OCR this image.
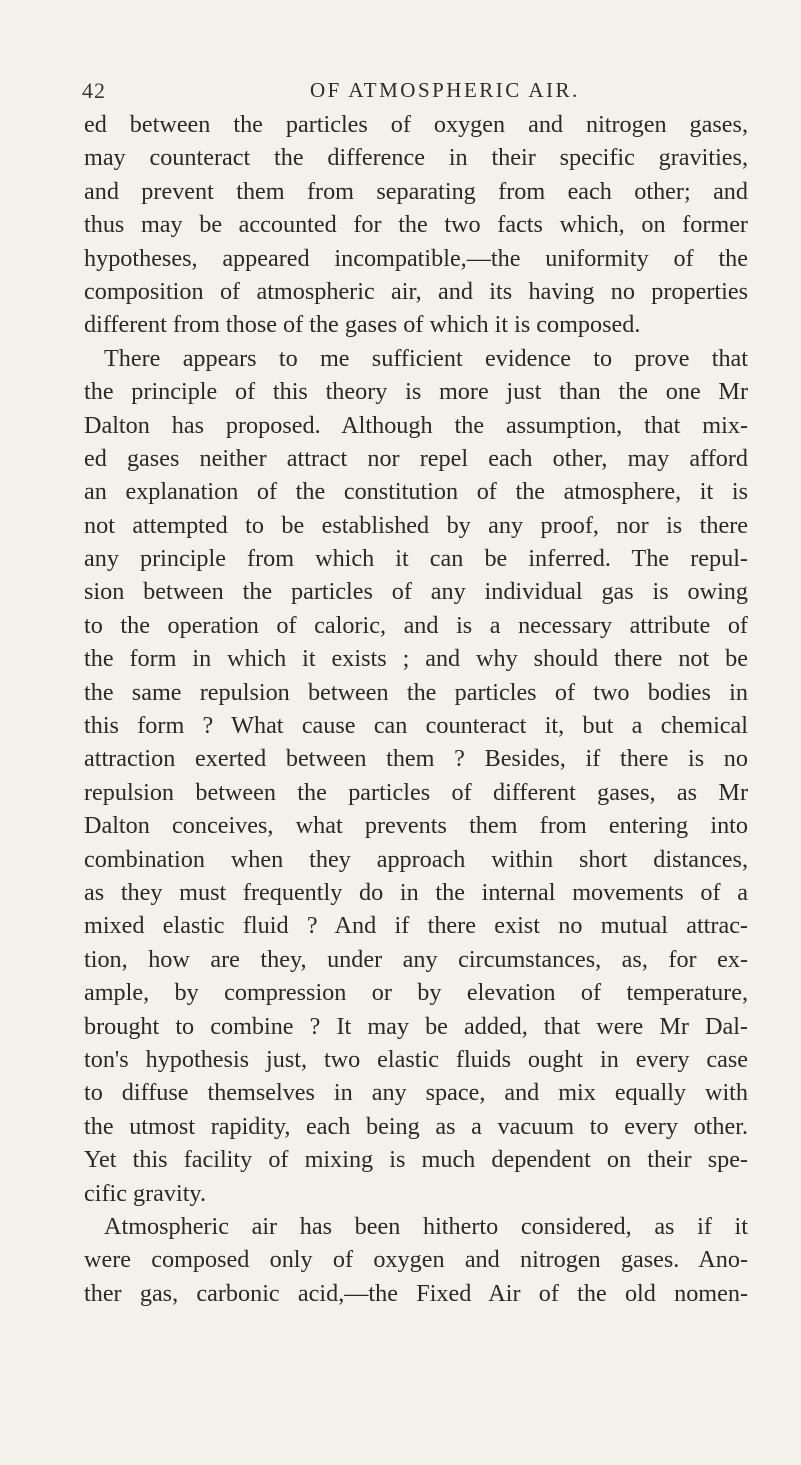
42	OF ATMOSPHERIC AIR.
ed between the particles of oxygen and nitrogen gases,
may counteract the difference in their specific gravities,
and prevent them from separating from each other; and
thus may be accounted for the two facts which, on former
hypotheses, appeared incompatible,—the uniformity of the
composition of atmospheric air, and its having no properties
different from those of the gases of which it is composed.
There appears to me sufficient evidence to prove that
the principle of this theory is more just than the one Mr
Dalton has proposed. Although the assumption, that mix-
ed gases neither attract nor repel each other, may afford
an explanation of the constitution of the atmosphere, it is
not attempted to be established by any proof, nor is there
any principle from which it can be inferred. The repul-
sion between the particles of any individual gas is owing
to the operation of caloric, and is a necessary attribute of
the form in which it exists ; and why should there not be
the same repulsion between the particles of two bodies in
this form ? What cause can counteract it, but a chemical
attraction exerted between them ? Besides, if there is no
repulsion between the particles of different gases, as Mr
Dalton conceives, what prevents them from entering into
combination when they approach within short distances,
as they must frequently do in the internal movements of a
mixed elastic fluid ? And if there exist no mutual attrac-
tion, how are they, under any circumstances, as, for ex-
ample, by compression or by elevation of temperature,
brought to combine ? It may be added, that were Mr Dal-
ton's hypothesis just, two elastic fluids ought in every case
to diffuse themselves in any space, and mix equally with
the utmost rapidity, each being as a vacuum to every other.
Yet this facility of mixing is much dependent on their spe-
cific gravity.
Atmospheric air has been hitherto considered, as if it
were composed only of oxygen and nitrogen gases. Ano-
ther gas, carbonic acid,—the Fixed Air of the old nomen-
